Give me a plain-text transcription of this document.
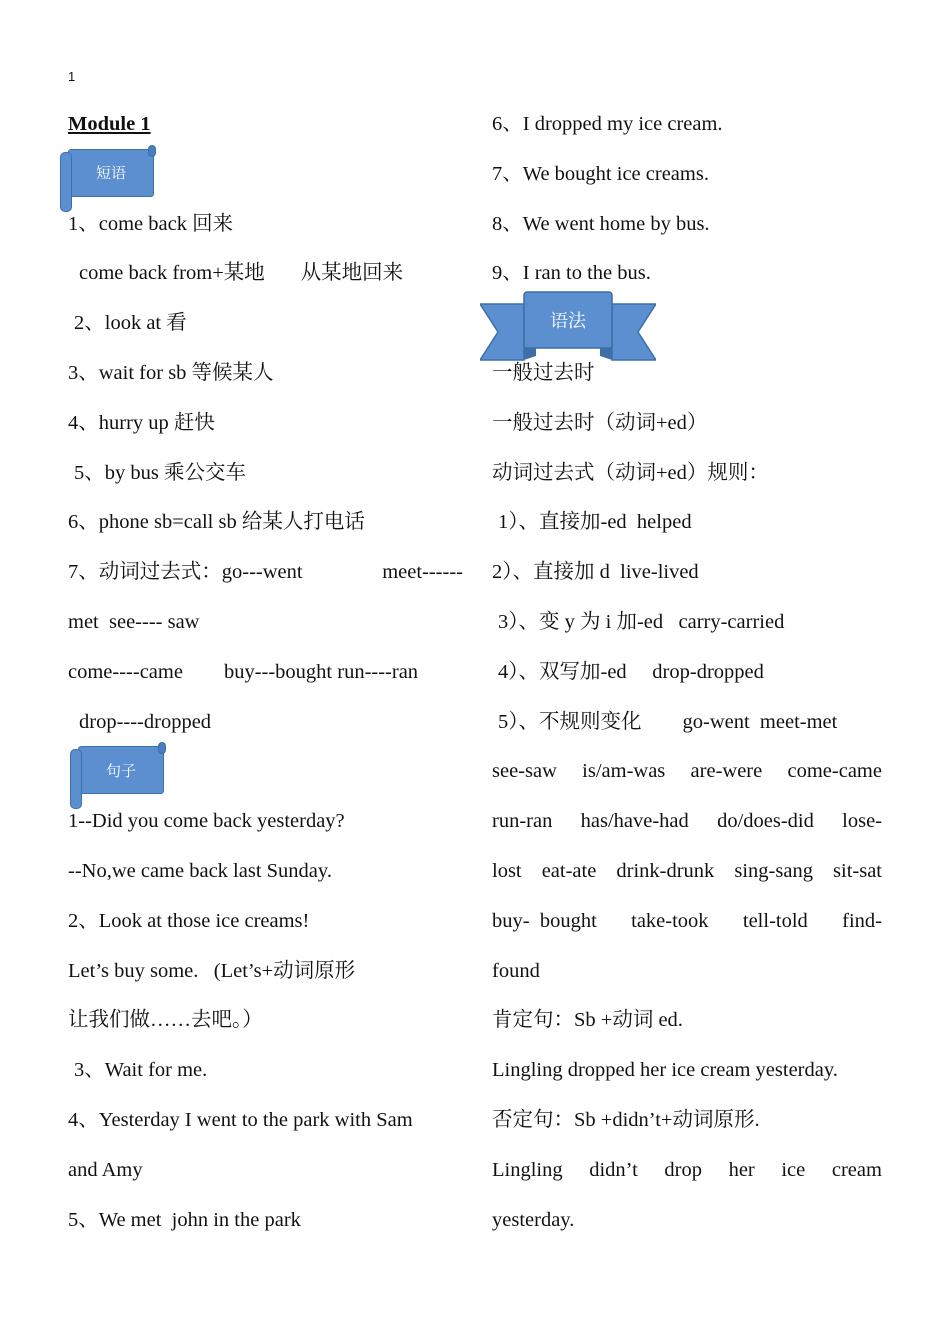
1
Module 1
短语
1、come back 回来
come back from+某地       从某地回来
2、look at 看
3、wait for sb 等候某人
4、hurry up 赶快
5、by bus 乘公交车
6、phone sb=call sb 给某人打电话
7、动词过去式：go---went	meet------
met  see---- saw
come----came        buy---bought run----ran
drop----dropped
句子
1--Did you come back yesterday?
--No,we came back last Sunday.
2、Look at those ice creams!
Let’s buy some.   (Let’s+动词原形
让我们做……去吧。）
3、Wait for me.
4、Yesterday I went to the park with Sam
and Amy
5、We met  john in the park
语法
6、I dropped my ice cream.
7、We bought ice creams.
8、We went home by bus.
9、I ran to the bus.
一般过去时
一般过去时（动词+ed）
动词过去式（动词+ed）规则：
1）、直接加-ed  helped
2）、直接加 d  live-lived
3）、变 y 为 i 加-ed   carry-carried
4）、双写加-ed     drop-dropped
5）、不规则变化        go-went  meet-met
see-saw is/am-was are-were come-came
run-ran has/have-had do/does-did lose-
lost eat-ate drink-drunk sing-sang sit-sat
buy-  bought take-took tell-told find-
found
肯定句：Sb +动词 ed.
Lingling dropped her ice cream yesterday.
否定句：Sb +didn’t+动词原形.
Lingling didn’t drop her ice cream
yesterday.
